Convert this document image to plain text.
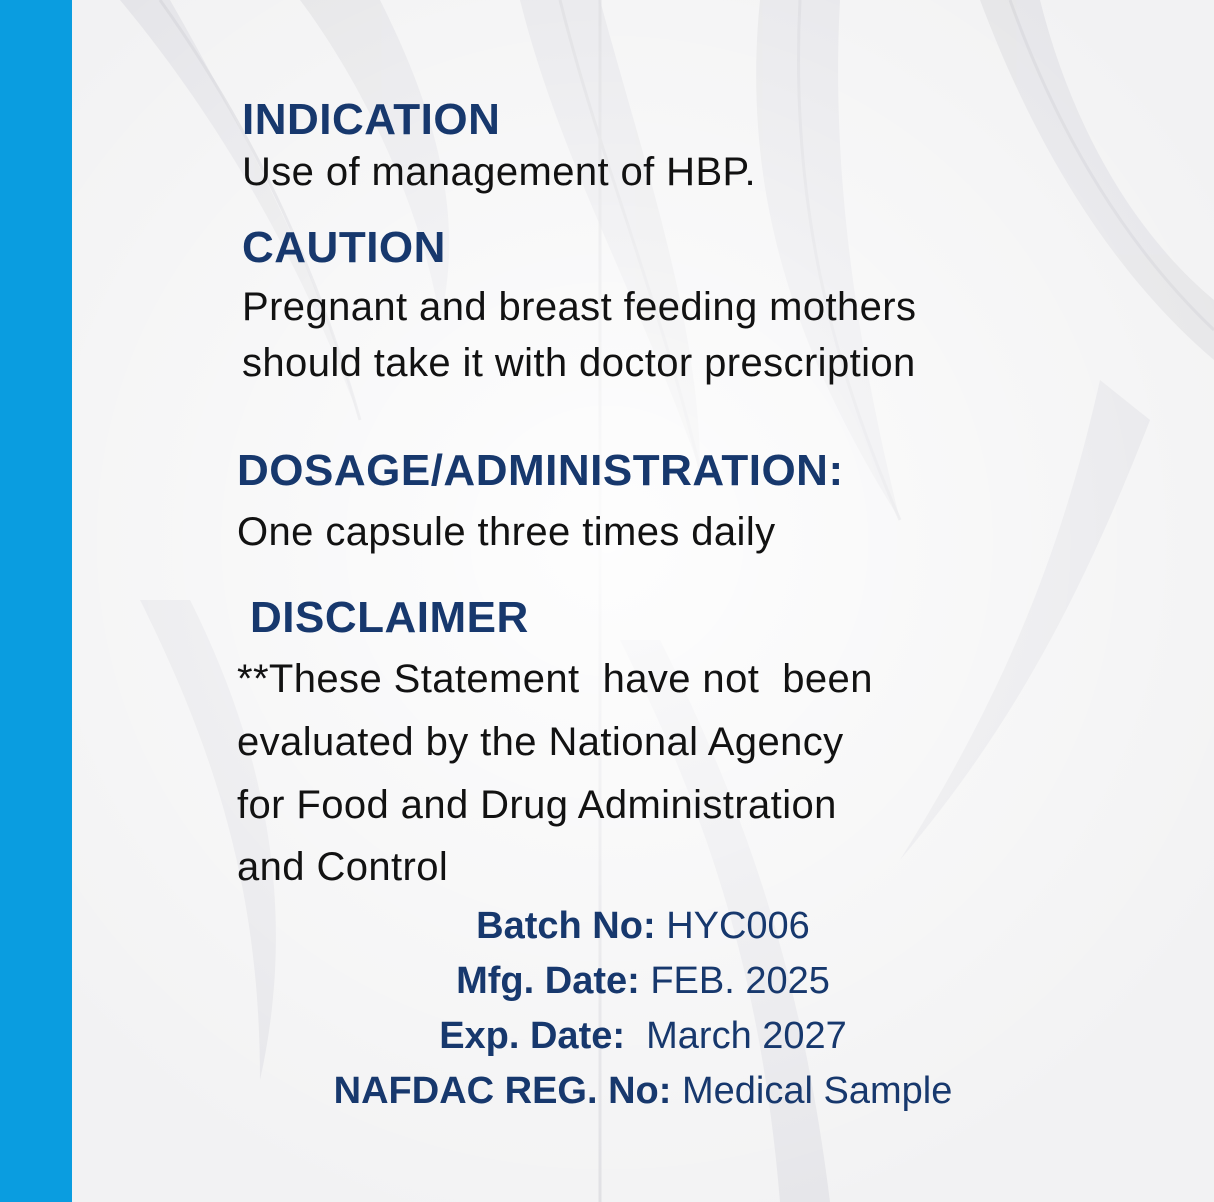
INDICATION
Use of management of HBP.
CAUTION
Pregnant and breast feeding mothers
should take it with doctor prescription
DOSAGE/ADMINISTRATION:
One capsule three times daily
DISCLAIMER
**These Statement  have not  been
evaluated by the National Agency
for Food and Drug Administration
and Control
Batch No: HYC006
Mfg. Date: FEB. 2025
Exp. Date: March 2027
NAFDAC REG. No: Medical Sample
